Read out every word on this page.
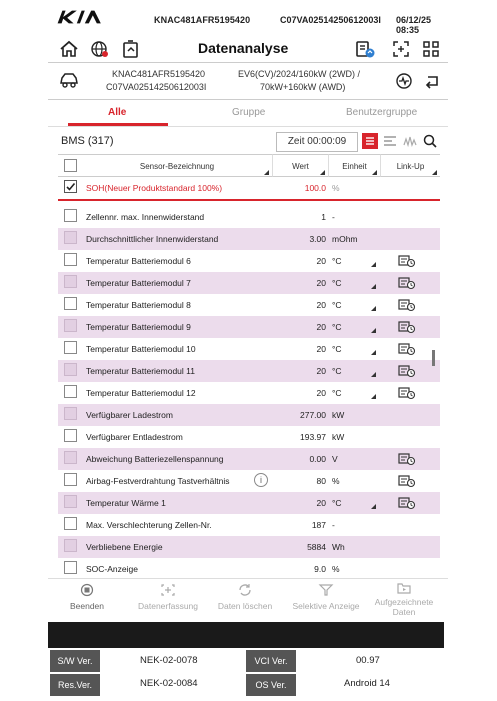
KNAC481AFR5195420	C07VA02514250612003I 06/12/25 08:35
Datenanalyse
KNAC481AFR5195420
C07VA02514250612003I
EV6(CV)/2024/160kW (2WD) /
70kW+160kW (AWD)
Alle	Gruppe	Benutzergruppe
BMS (317)	Zeit 00:00:09
Sensor-Bezeichnung	Wert	Einheit	Link-Up
SOH(Neuer Produktstandard 100%)	100.0 %
Zellennr. max. Innenwiderstand	1 -
Durchschnittlicher Innenwiderstand	3.00 mOhm
Temperatur Batteriemodul 6	20 °C
Temperatur Batteriemodul 7	20 °C
Temperatur Batteriemodul 8	20 °C
Temperatur Batteriemodul 9	20 °C
Temperatur Batteriemodul 10	20 °C
Temperatur Batteriemodul 11	20 °C
Temperatur Batteriemodul 12	20 °C
Verfügbarer Ladestrom	277.00 kW
Verfügbarer Entladestrom	193.97 kW
Abweichung Batteriezellenspannung	0.00 V
Airbag-Festverdrahtung Tastverhältnis	i	80 %
Temperatur Wärme 1	20 °C
Max. Verschlechterung Zellen-Nr.	187 -
Verbliebene Energie	5884 Wh
SOC-Anzeige	9.0 %
Beenden	Datenerfassung	Daten löschen	Selektive Anzeige	Aufgezeichnete Daten
S/W Ver.	NEK-02-0078	VCI Ver.	00.97
Res.Ver.	NEK-02-0084	OS Ver.	Android 14
